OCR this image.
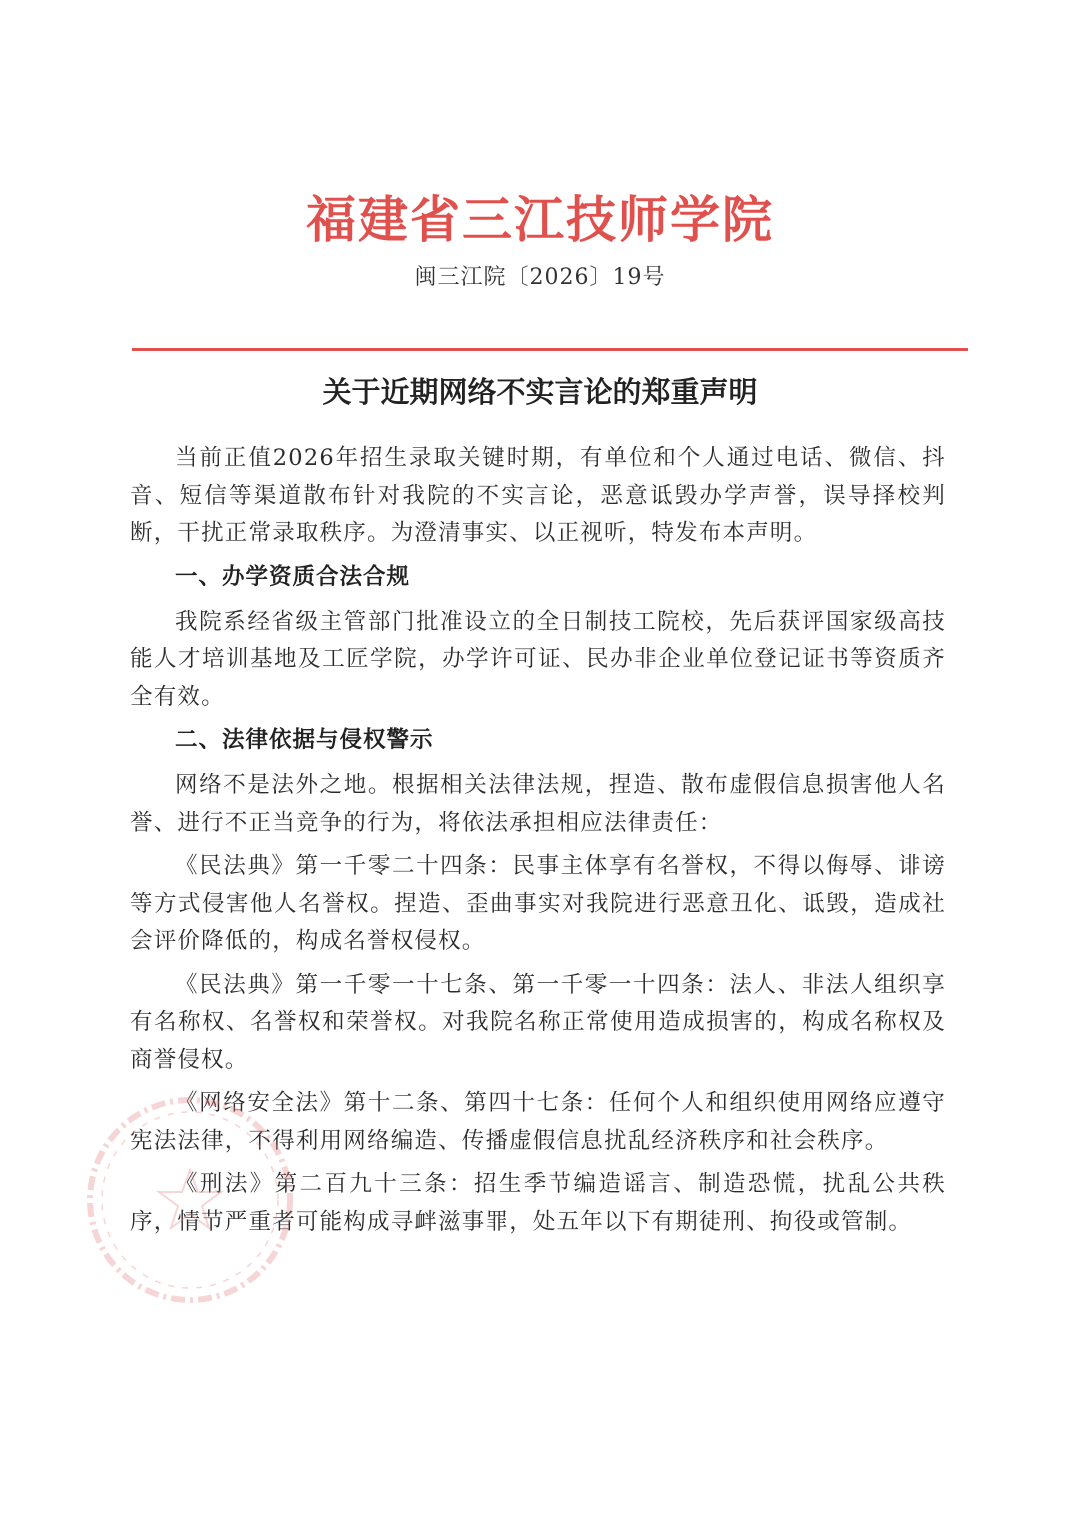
福建省三江技师学院
闽三江院〔2026〕19号
关于近期网络不实言论的郑重声明

当前正值2026年招生录取关键时期，有单位和个人通过电话、微信、抖音、短信等渠道散布针对我院的不实言论，恶意诋毁办学声誉，误导择校判断，干扰正常录取秩序。为澄清事实、以正视听，特发布本声明。

一、办学资质合法合规

我院系经省级主管部门批准设立的全日制技工院校，先后获评国家级高技能人才培训基地及工匠学院，办学许可证、民办非企业单位登记证书等资质齐全有效。

二、法律依据与侵权警示

网络不是法外之地。根据相关法律法规，捏造、散布虚假信息损害他人名誉、进行不正当竞争的行为，将依法承担相应法律责任：

《民法典》第一千零二十四条：民事主体享有名誉权，不得以侮辱、诽谤等方式侵害他人名誉权。捏造、歪曲事实对我院进行恶意丑化、诋毁，造成社会评价降低的，构成名誉权侵权。

《民法典》第一千零一十七条、第一千零一十四条：法人、非法人组织享有名称权、名誉权和荣誉权。对我院名称正常使用造成损害的，构成名称权及商誉侵权。

《网络安全法》第十二条、第四十七条：任何个人和组织使用网络应遵守宪法法律，不得利用网络编造、传播虚假信息扰乱经济秩序和社会秩序。

《刑法》第二百九十三条：招生季节编造谣言、制造恐慌，扰乱公共秩序，情节严重者可能构成寻衅滋事罪，处五年以下有期徒刑、拘役或管制。
